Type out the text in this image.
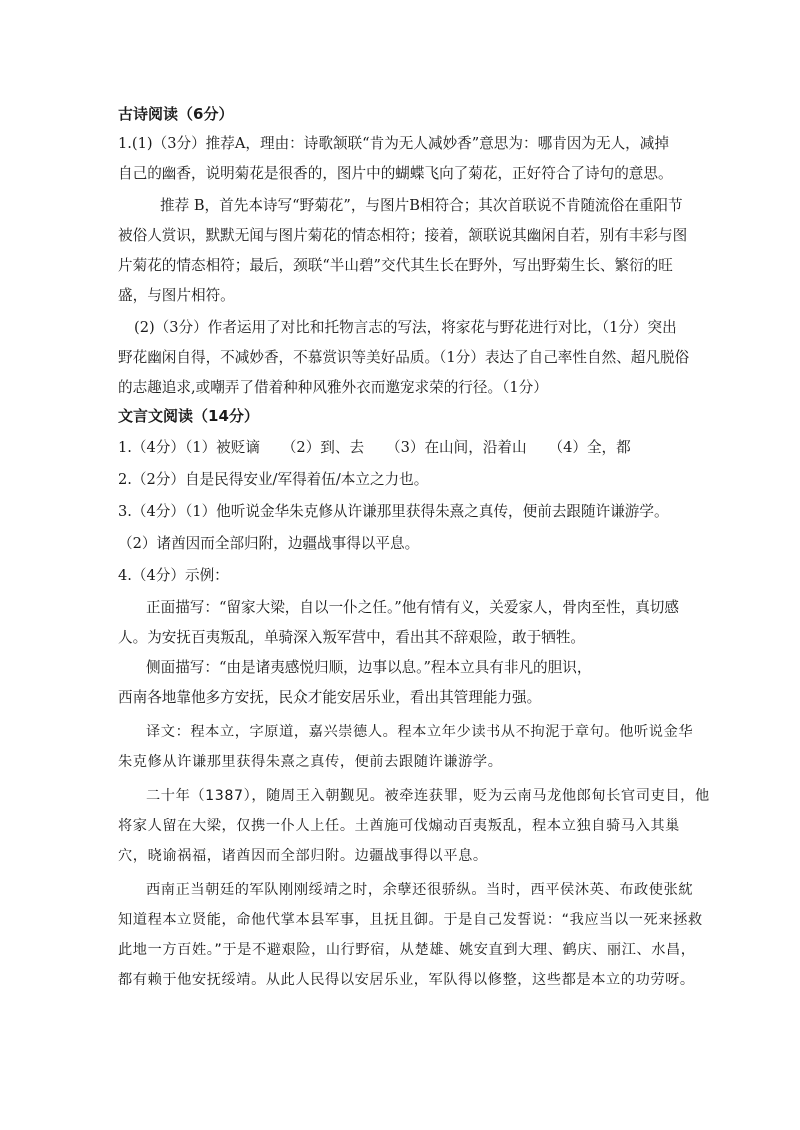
古诗阅读（6分）

1.(1)（3分）推荐A，理由：诗歌颔联“肯为无人减妙香”意思为：哪肯因为无人，减掉

自己的幽香，说明菊花是很香的，图片中的蝴蝶飞向了菊花，正好符合了诗句的意思。

推荐 B，首先本诗写“野菊花”，与图片B相符合；其次首联说不肯随流俗在重阳节

被俗人赏识，默默无闻与图片菊花的情态相符；接着，颔联说其幽闲自若，别有丰彩与图

片菊花的情态相符；最后，颈联“半山碧”交代其生长在野外，写出野菊生长、繁衍的旺

盛，与图片相符。

(2)（3分）作者运用了对比和托物言志的写法，将家花与野花进行对比，（1分）突出

野花幽闲自得，不减妙香，不慕赏识等美好品质。（1分）表达了自己率性自然、超凡脱俗

的志趣追求,或嘲弄了借着种种风雅外衣而邀宠求荣的行径。（1分）

文言文阅读（14分）

1.（4分）（1）被贬谪　　（2）到、去　　（3）在山间，沿着山　　（4）全，都

2.（2分）自是民得安业/军得着伍/本立之力也。

3.（4分）（1）他听说金华朱克修从许谦那里获得朱熹之真传，便前去跟随许谦游学。

（2）诸酋因而全部归附，边疆战事得以平息。

4.（4分）示例：

正面描写：“留家大梁，自以一仆之任。”他有情有义，关爱家人，骨肉至性，真切感

人。为安抚百夷叛乱，单骑深入叛军营中，看出其不辞艰险，敢于牺牲。

侧面描写：“由是诸夷感悦归顺，边事以息。”程本立具有非凡的胆识，

西南各地靠他多方安抚，民众才能安居乐业，看出其管理能力强。

译文：程本立，字原道，嘉兴崇德人。程本立年少读书从不拘泥于章句。他听说金华

朱克修从许谦那里获得朱熹之真传，便前去跟随许谦游学。

二十年（1387），随周王入朝觐见。被牵连获罪，贬为云南马龙他郎甸长官司吏目，他

将家人留在大梁，仅携一仆人上任。土酋施可伐煽动百夷叛乱，程本立独自骑马入其巢

穴，晓谕祸福，诸酋因而全部归附。边疆战事得以平息。

西南正当朝廷的军队刚刚绥靖之时，余孽还很骄纵。当时，西平侯沐英、布政使张紞

知道程本立贤能，命他代掌本县军事，且抚且御。于是自己发誓说：“我应当以一死来拯救

此地一方百姓。”于是不避艰险，山行野宿，从楚雄、姚安直到大理、鹤庆、丽江、水昌，

都有赖于他安抚绥靖。从此人民得以安居乐业，军队得以修整，这些都是本立的功劳呀。
